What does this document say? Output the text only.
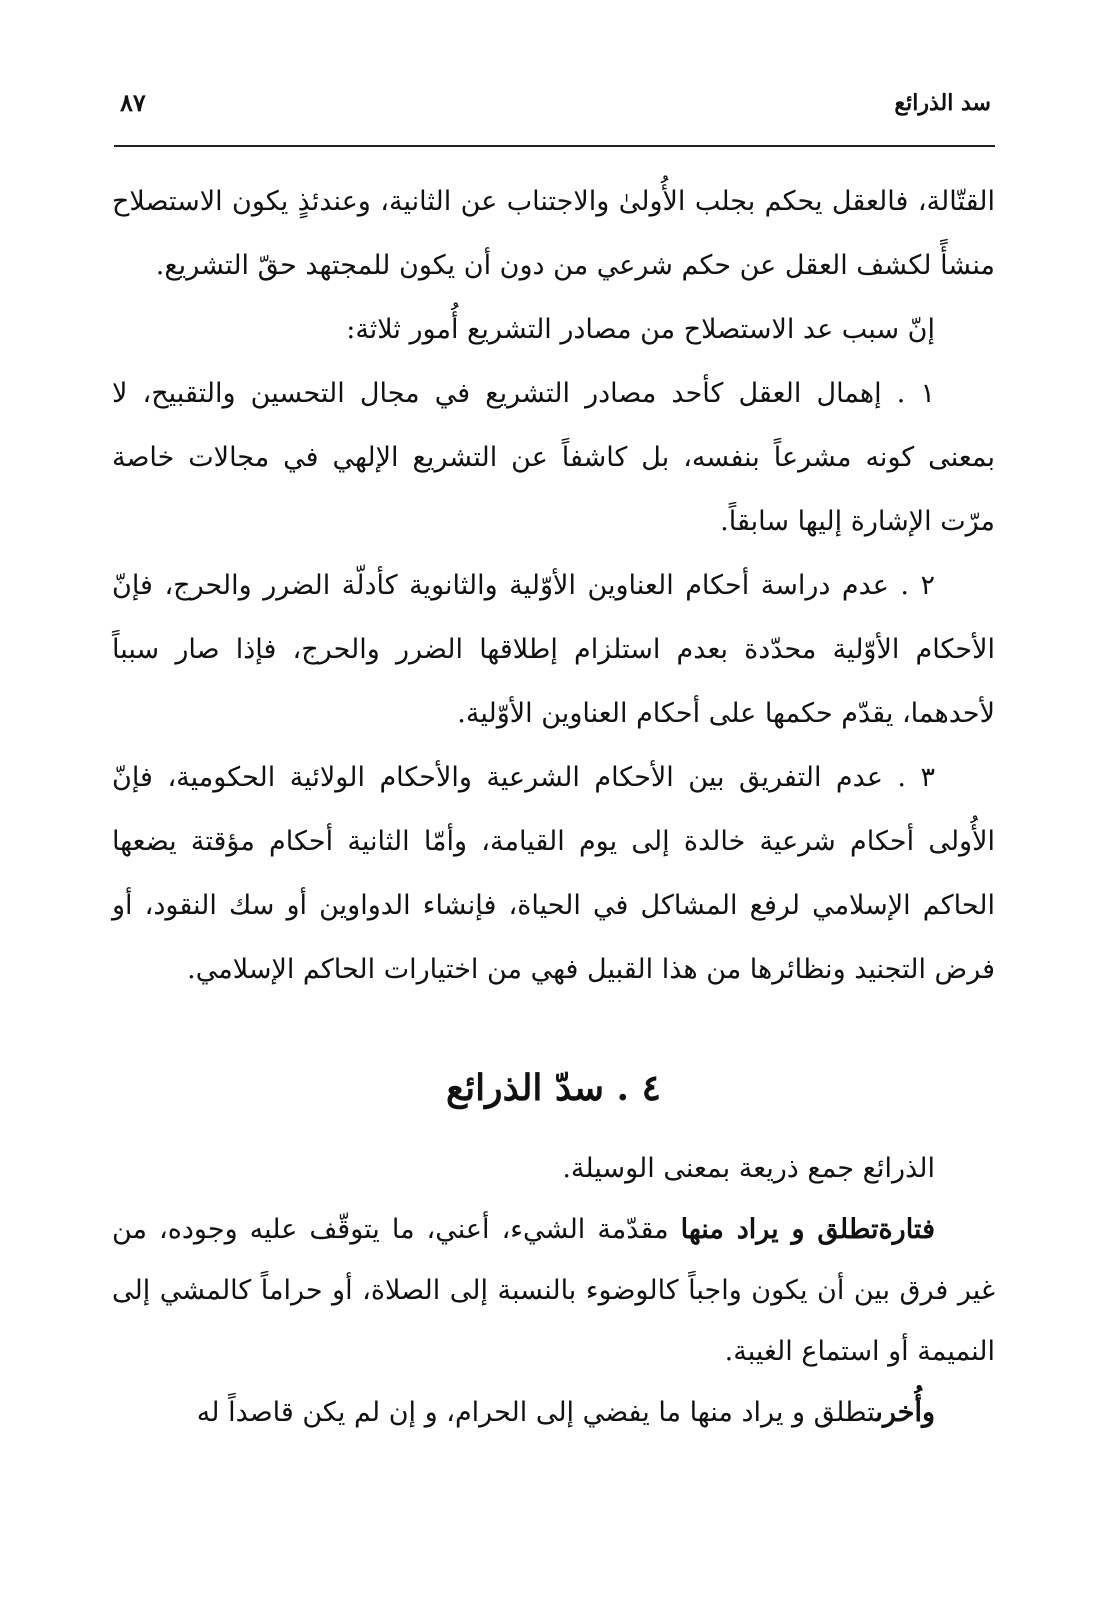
سد الذرائع
٨٧

القتّالة، فالعقل يحكم بجلب الأُولىٰ والاجتناب عن الثانية، وعندئذٍ يكون الاستصلاح منشأً لكشف العقل عن حكم شرعي من دون أن يكون للمجتهد حقّ التشريع.

إنّ سبب عد الاستصلاح من مصادر التشريع أُمور ثلاثة:

١ . إهمال العقل كأحد مصادر التشريع في مجال التحسين والتقبيح، لا بمعنى كونه مشرعاً بنفسه، بل كاشفاً عن التشريع الإلهي في مجالات خاصة مرّت الإشارة إليها سابقاً.

٢ . عدم دراسة أحكام العناوين الأوّلية والثانوية كأدلّة الضرر والحرج، فإنّ الأحكام الأوّلية محدّدة بعدم استلزام إطلاقها الضرر والحرج، فإذا صار سبباً لأحدهما، يقدّم حكمها على أحكام العناوين الأوّلية.

٣ . عدم التفريق بين الأحكام الشرعية والأحكام الولائية الحكومية، فإنّ الأُولى أحكام شرعية خالدة إلى يوم القيامة، وأمّا الثانية أحكام مؤقتة يضعها الحاكم الإسلامي لرفع المشاكل في الحياة، فإنشاء الدواوين أو سك النقود، أو فرض التجنيد ونظائرها من هذا القبيل فهي من اختيارات الحاكم الإسلامي.

٤ . سدّ الذرائع

الذرائع جمع ذريعة بمعنى الوسيلة.

فتارةتطلق و يراد منها مقدّمة الشيء، أعني، ما يتوقّف عليه وجوده، من غير فرق بين أن يكون واجباً كالوضوء بالنسبة إلى الصلاة، أو حراماً كالمشي إلى النميمة أو استماع الغيبة.

وأُخرىتطلق و يراد منها ما يفضي إلى الحرام، و إن لم يكن قاصداً له
